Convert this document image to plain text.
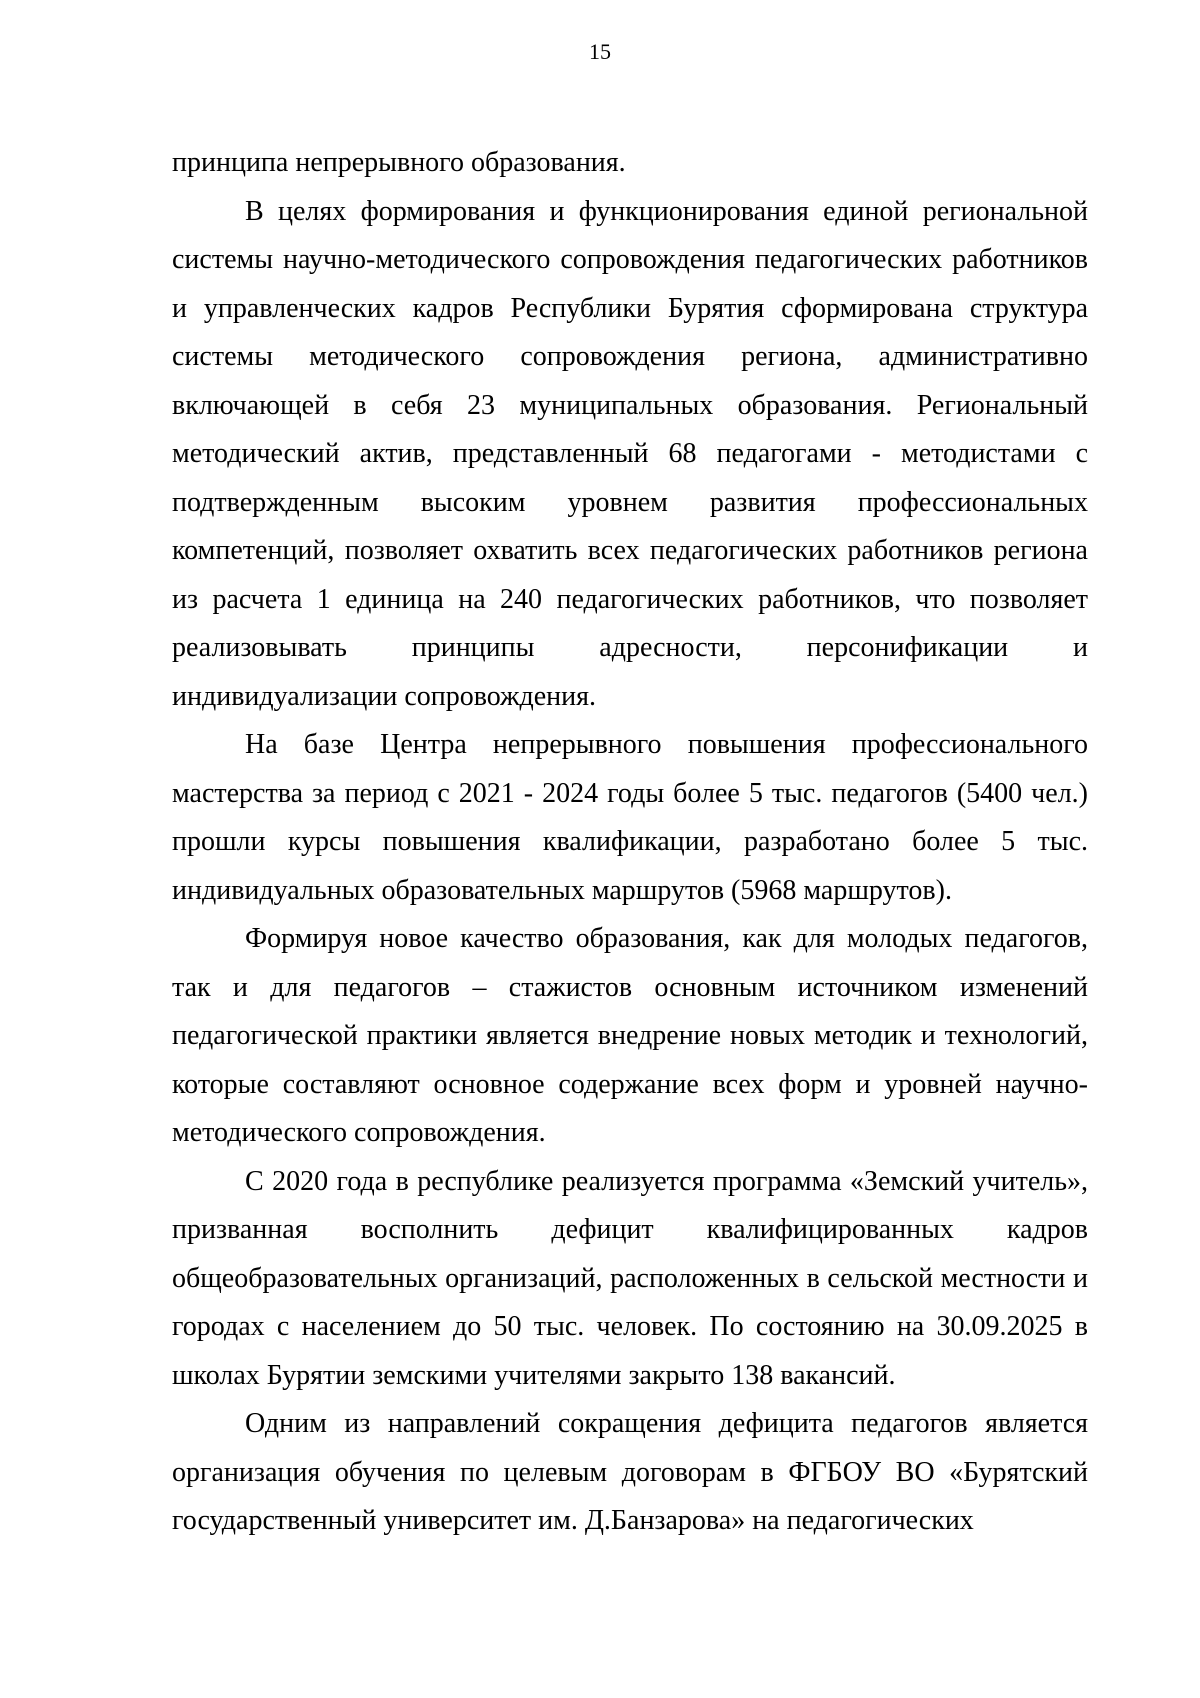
15

принципа непрерывного образования.

В целях формирования и функционирования единой региональной системы научно-методического сопровождения педагогических работников и управленческих кадров Республики Бурятия сформирована структура системы методического сопровождения региона, административно включающей в себя 23 муниципальных образования. Региональный методический актив, представленный 68 педагогами - методистами с подтвержденным высоким уровнем развития профессиональных компетенций, позволяет охватить всех педагогических работников региона из расчета 1 единица на 240 педагогических работников, что позволяет реализовывать принципы адресности, персонификации и индивидуализации сопровождения.

На базе Центра непрерывного повышения профессионального мастерства за период с 2021 - 2024 годы более 5 тыс. педагогов (5400 чел.) прошли курсы повышения квалификации, разработано более 5 тыс. индивидуальных образовательных маршрутов (5968 маршрутов).

Формируя новое качество образования, как для молодых педагогов, так и для педагогов – стажистов основным источником изменений педагогической практики является внедрение новых методик и технологий, которые составляют основное содержание всех форм и уровней научно-методического сопровождения.

С 2020 года в республике реализуется программа «Земский учитель», призванная восполнить дефицит квалифицированных кадров общеобразовательных организаций, расположенных в сельской местности и городах с населением до 50 тыс. человек. По состоянию на 30.09.2025 в школах Бурятии земскими учителями закрыто 138 вакансий.

Одним из направлений сокращения дефицита педагогов является организация обучения по целевым договорам в ФГБОУ ВО «Бурятский государственный университет им. Д.Банзарова» на педагогических
